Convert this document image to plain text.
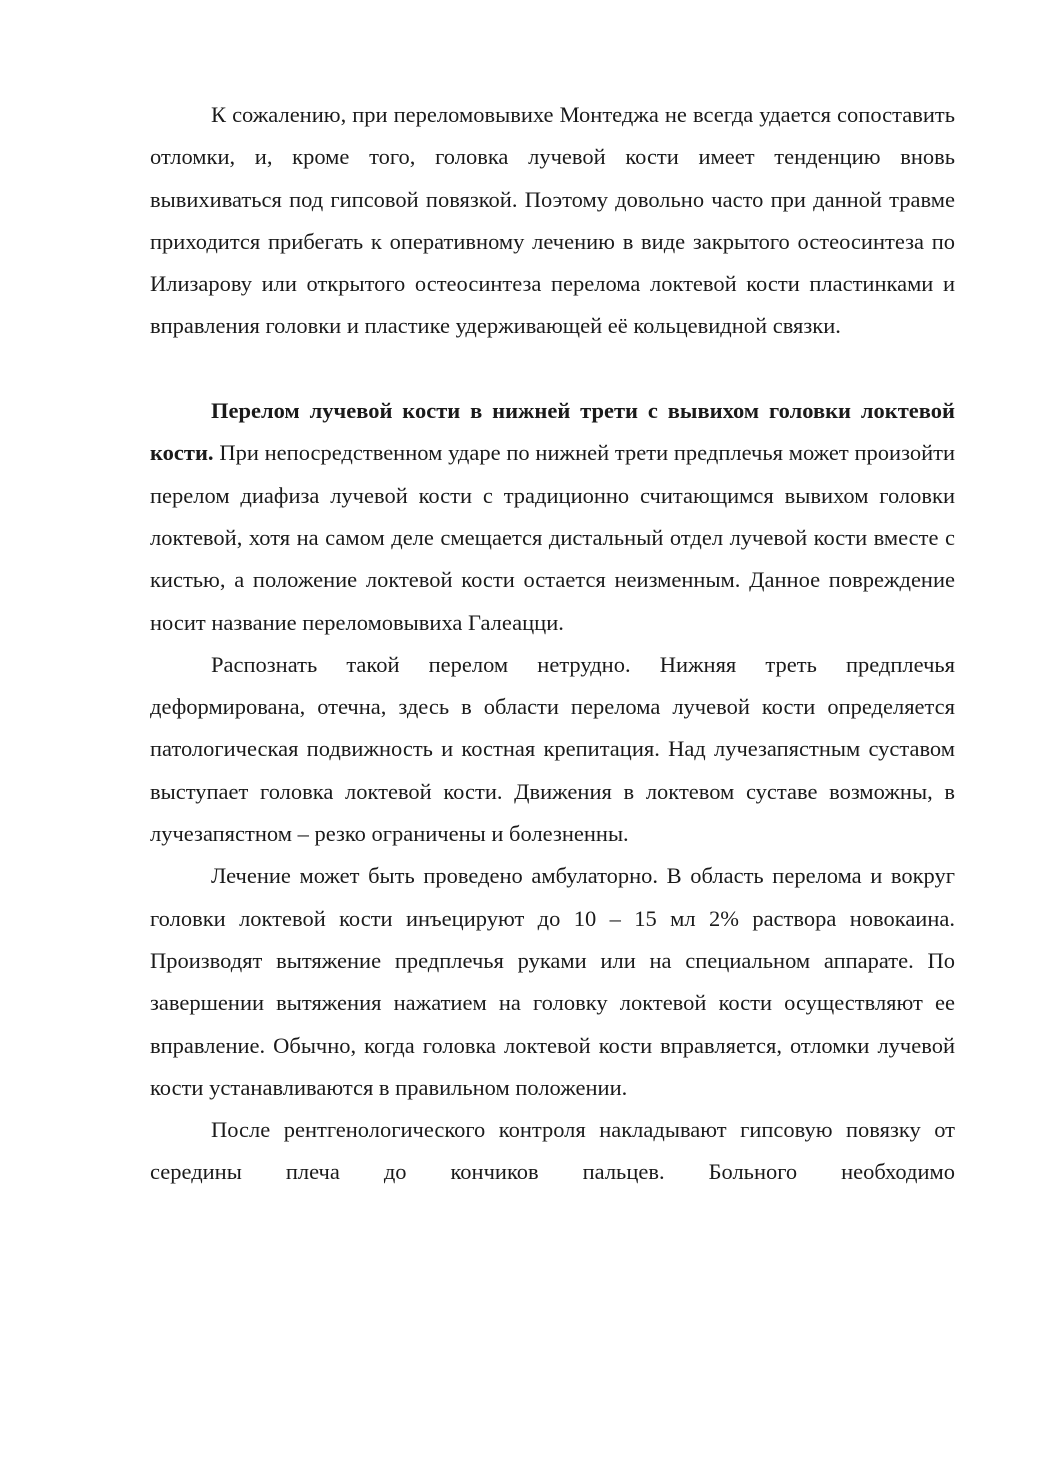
К сожалению, при переломовывихе Монтеджа не всегда удается сопоставить отломки, и, кроме того, головка лучевой кости имеет тенденцию вновь вывихиваться под гипсовой повязкой. Поэтому довольно часто при данной травме приходится прибегать к оперативному лечению в виде закрытого остеосинтеза по Илизарову или открытого остеосинтеза перелома локтевой кости пластинками и вправления головки и пластике удерживающей её кольцевидной связки.

Перелом лучевой кости в нижней трети с вывихом головки локтевой кости. При непосредственном ударе по нижней трети предплечья может произойти перелом диафиза лучевой кости с традиционно считающимся вывихом головки локтевой, хотя на самом деле смещается дистальный отдел лучевой кости вместе с кистью, а положение локтевой кости остается неизменным. Данное повреждение носит название переломовывиха Галеацци.

Распознать такой перелом нетрудно. Нижняя треть предплечья деформирована, отечна, здесь в области перелома лучевой кости определяется патологическая подвижность и костная крепитация. Над лучезапястным суставом выступает головка локтевой кости. Движения в локтевом суставе возможны, в лучезапястном – резко ограничены и болезненны.

Лечение может быть проведено амбулаторно. В область перелома и вокруг головки локтевой кости инъецируют до 10 – 15 мл 2% раствора новокаина. Производят вытяжение предплечья руками или на специальном аппарате. По завершении вытяжения нажатием на головку локтевой кости осуществляют ее вправление. Обычно, когда головка локтевой кости вправляется, отломки лучевой кости устанавливаются в правильном положении.

После рентгенологического контроля накладывают гипсовую повязку от середины плеча до кончиков пальцев. Больного необходимо
